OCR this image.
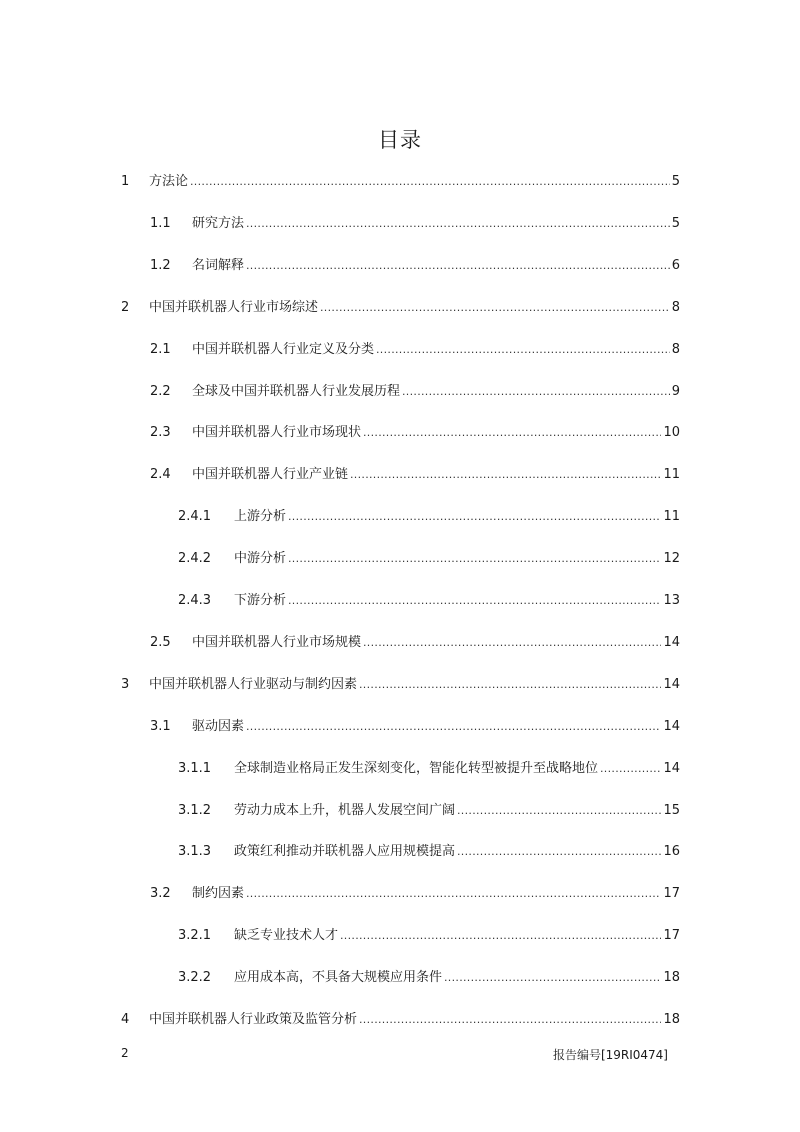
目录
1	方法论 .....	5
1.1	研究方法 .....	5
1.2	名词解释 .....	6
2	中国并联机器人行业市场综述 .....	8
2.1	中国并联机器人行业定义及分类 .....	8
2.2	全球及中国并联机器人行业发展历程 .....	9
2.3	中国并联机器人行业市场现状 .....	10
2.4	中国并联机器人行业产业链 .....	11
2.4.1	上游分析 .....	11
2.4.2	中游分析 .....	12
2.4.3	下游分析 .....	13
2.5	中国并联机器人行业市场规模 .....	14
3	中国并联机器人行业驱动与制约因素 .....	14
3.1	驱动因素 .....	14
3.1.1	全球制造业格局正发生深刻变化，智能化转型被提升至战略地位 .....	14
3.1.2	劳动力成本上升，机器人发展空间广阔 .....	15
3.1.3	政策红利推动并联机器人应用规模提高 .....	16
3.2	制约因素 .....	17
3.2.1	缺乏专业技术人才 .....	17
3.2.2	应用成本高，不具备大规模应用条件 .....	18
4	中国并联机器人行业政策及监管分析 .....	18
2	报告编号[19RI0474]
